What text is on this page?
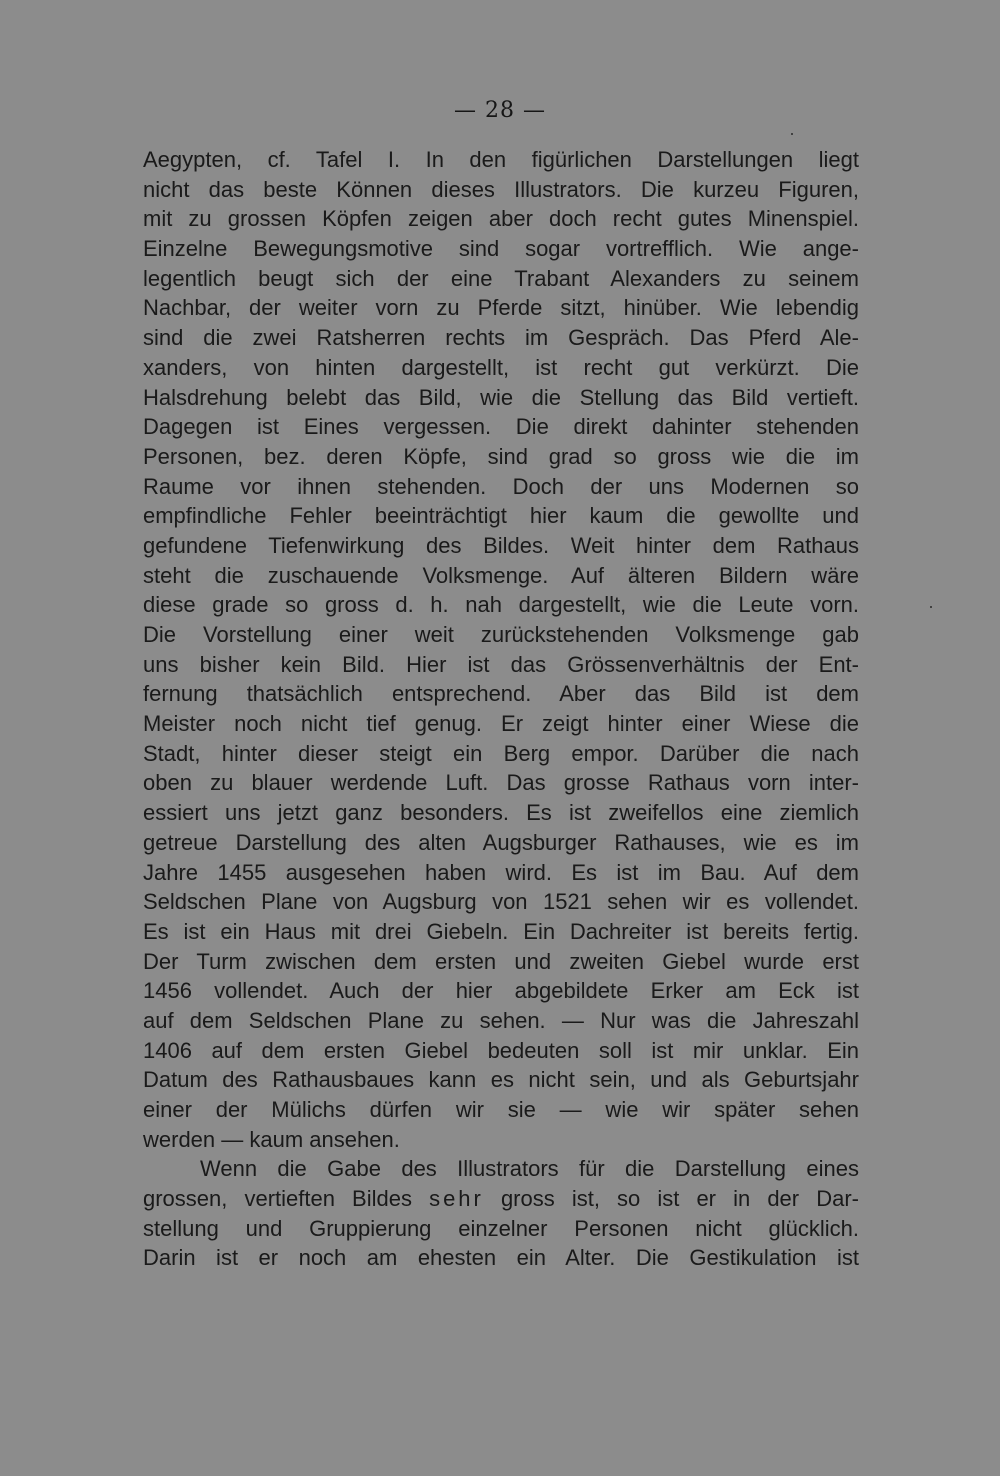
— 28 —
Aegypten, cf. Tafel I. In den figürlichen Darstellungen liegt
nicht das beste Können dieses Illustrators. Die kurzeu Figuren,
mit zu grossen Köpfen zeigen aber doch recht gutes Minenspiel.
Einzelne Bewegungsmotive sind sogar vortrefflich. Wie ange-
legentlich beugt sich der eine Trabant Alexanders zu seinem
Nachbar, der weiter vorn zu Pferde sitzt, hinüber. Wie lebendig
sind die zwei Ratsherren rechts im Gespräch. Das Pferd Ale-
xanders, von hinten dargestellt, ist recht gut verkürzt. Die
Halsdrehung belebt das Bild, wie die Stellung das Bild vertieft.
Dagegen ist Eines vergessen. Die direkt dahinter stehenden
Personen, bez. deren Köpfe, sind grad so gross wie die im
Raume vor ihnen stehenden. Doch der uns Modernen so
empfindliche Fehler beeinträchtigt hier kaum die gewollte und
gefundene Tiefenwirkung des Bildes. Weit hinter dem Rathaus
steht die zuschauende Volksmenge. Auf älteren Bildern wäre
diese grade so gross d. h. nah dargestellt, wie die Leute vorn.
Die Vorstellung einer weit zurückstehenden Volksmenge gab
uns bisher kein Bild. Hier ist das Grössenverhältnis der Ent-
fernung thatsächlich entsprechend. Aber das Bild ist dem
Meister noch nicht tief genug. Er zeigt hinter einer Wiese die
Stadt, hinter dieser steigt ein Berg empor. Darüber die nach
oben zu blauer werdende Luft. Das grosse Rathaus vorn inter-
essiert uns jetzt ganz besonders. Es ist zweifellos eine ziemlich
getreue Darstellung des alten Augsburger Rathauses, wie es im
Jahre 1455 ausgesehen haben wird. Es ist im Bau. Auf dem
Seldschen Plane von Augsburg von 1521 sehen wir es vollendet.
Es ist ein Haus mit drei Giebeln. Ein Dachreiter ist bereits fertig.
Der Turm zwischen dem ersten und zweiten Giebel wurde erst
1456 vollendet. Auch der hier abgebildete Erker am Eck ist
auf dem Seldschen Plane zu sehen. — Nur was die Jahreszahl
1406 auf dem ersten Giebel bedeuten soll ist mir unklar. Ein
Datum des Rathausbaues kann es nicht sein, und als Geburtsjahr
einer der Mülichs dürfen wir sie — wie wir später sehen
werden — kaum ansehen.
Wenn die Gabe des Illustrators für die Darstellung eines
grossen, vertieften Bildes sehr gross ist, so ist er in der Dar-
stellung und Gruppierung einzelner Personen nicht glücklich.
Darin ist er noch am ehesten ein Alter. Die Gestikulation ist
